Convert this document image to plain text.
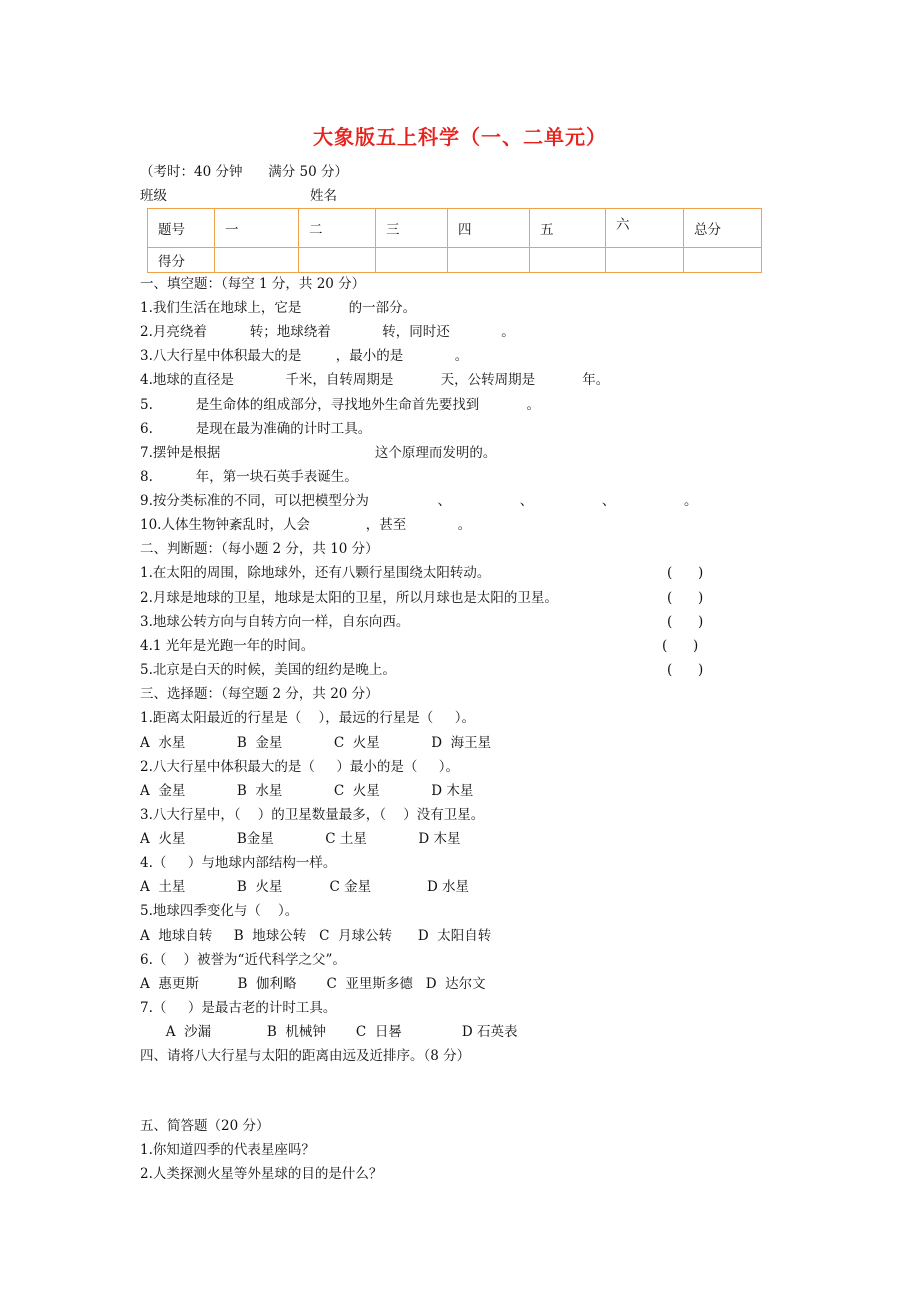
大象版五上科学（一、二单元）
（考时：40 分钟      满分 50 分）
班级	姓名
题号	一	二	三	四	五	六	总分
得分							
一、填空题：（每空 1 分，共 20 分）
1.我们生活在地球上，它是           的一部分。
2.月亮绕着          转；地球绕着            转，同时还            。
3.八大行星中体积最大的是        ，最小的是            。
4.地球的直径是            千米，自转周期是           天，公转周期是           年。
5.          是生命体的组成部分，寻找地外生命首先要找到           。
6.          是现在最为准确的计时工具。
7.摆钟是根据                                    这个原理而发明的。
8.          年，第一块石英手表诞生。
9.按分类标准的不同，可以把模型分为                、                、                、                。
10.人体生物钟紊乱时，人会             ，甚至            。
二、判断题：（每小题 2 分，共 10 分）
1.在太阳的周围，除地球外，还有八颗行星围绕太阳转动。	(      )
2.月球是地球的卫星，地球是太阳的卫星，所以月球也是太阳的卫星。	(      )
3.地球公转方向与自转方向一样，自东向西。	(      )
4.1 光年是光跑一年的时间。	(      )
5.北京是白天的时候，美国的纽约是晚上。	(      )
三、选择题：（每空题 2 分，共 20 分）
1.距离太阳最近的行星是（    ），最远的行星是（     ）。
A  水星            B  金星            C  火星            D  海王星
2.八大行星中体积最大的是（     ）最小的是（     ）。
A  金星            B  水星            C  火星            D 木星
3.八大行星中，（    ）的卫星数量最多，（    ）没有卫星。
A  火星            B金星            C 土星            D 木星
4.（     ）与地球内部结构一样。
A  土星            B  火星           C 金星             D 水星
5.地球四季变化与（    ）。
A  地球自转     B  地球公转   C  月球公转      D  太阳自转
6.（    ）被誉为“近代科学之父”。
A  惠更斯         B  伽利略       C  亚里斯多德   D  达尔文
7.（     ）是最古老的计时工具。
A  沙漏             B  机械钟       C  日晷              D 石英表
四、请将八大行星与太阳的距离由远及近排序。（8 分）
五、简答题（20 分）
1.你知道四季的代表星座吗？
2.人类探测火星等外星球的目的是什么？
